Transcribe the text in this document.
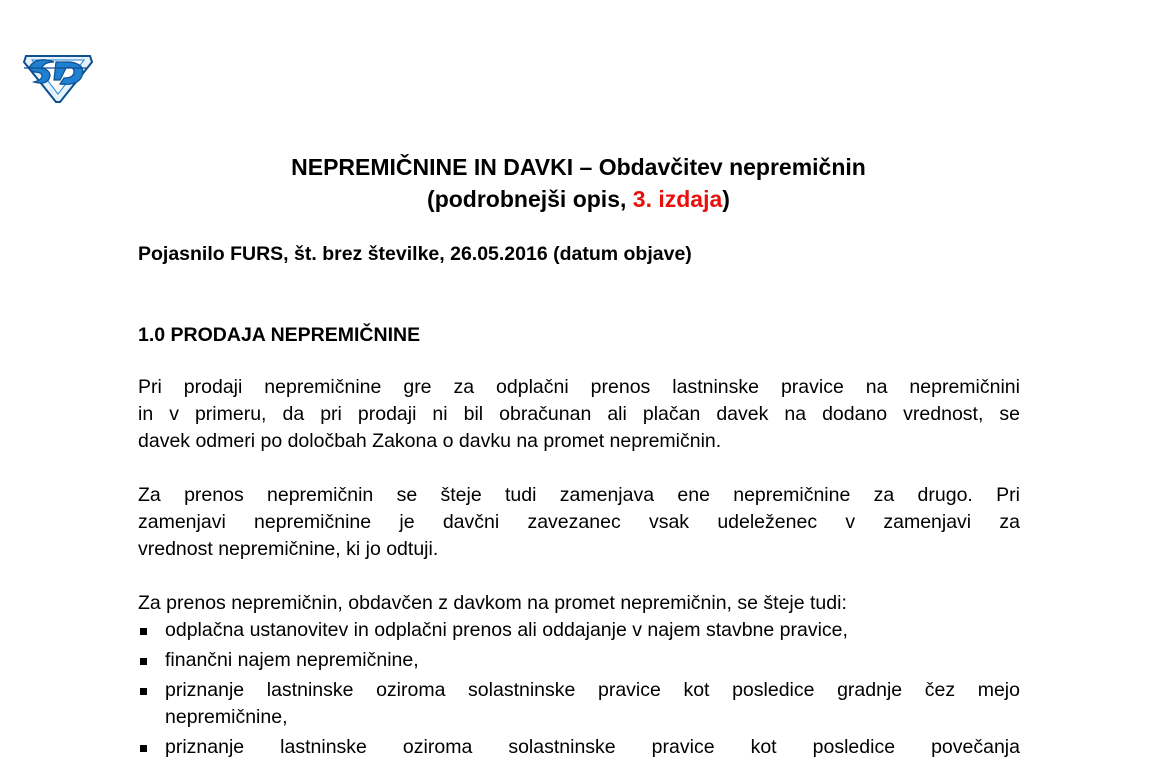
NEPREMIČNINE IN DAVKI – Obdavčitev nepremičnin
(podrobnejši opis, 3. izdaja)
Pojasnilo FURS, št. brez številke, 26.05.2016 (datum objave)
1.0 PRODAJA NEPREMIČNINE
Pri prodaji nepremičnine gre za odplačni prenos lastninske pravice na nepremičnini
in v primeru, da pri prodaji ni bil obračunan ali plačan davek na dodano vrednost, se
davek odmeri po določbah Zakona o davku na promet nepremičnin.
Za prenos nepremičnin se šteje tudi zamenjava ene nepremičnine za drugo. Pri
zamenjavi nepremičnine je davčni zavezanec vsak udeleženec v zamenjavi za
vrednost nepremičnine, ki jo odtuji.
Za prenos nepremičnin, obdavčen z davkom na promet nepremičnin, se šteje tudi:
odplačna ustanovitev in odplačni prenos ali oddajanje v najem stavbne pravice,
finančni najem nepremičnine,
priznanje lastninske oziroma solastninske pravice kot posledice gradnje čez mejo
nepremičnine,
priznanje lastninske oziroma solastninske pravice kot posledice povečanja
